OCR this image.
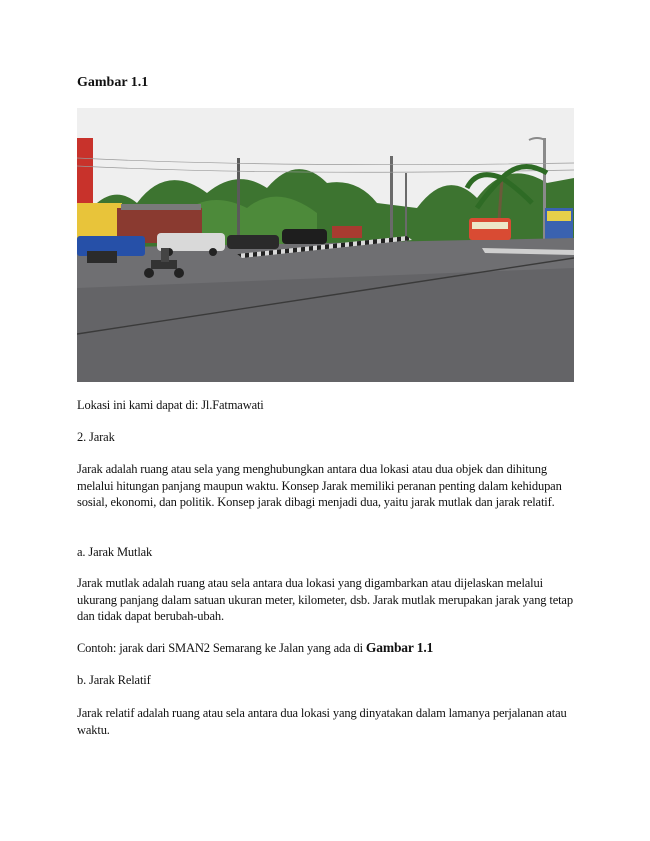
Gambar 1.1
Lokasi ini kami dapat di: Jl.Fatmawati
2. Jarak
Jarak adalah ruang atau sela yang menghubungkan antara dua lokasi atau dua objek dan dihitung melalui hitungan panjang maupun waktu. Konsep Jarak memiliki peranan penting dalam kehidupan sosial, ekonomi, dan politik. Konsep jarak dibagi menjadi dua, yaitu jarak mutlak dan jarak relatif.
a. Jarak Mutlak
Jarak mutlak adalah ruang atau sela antara dua lokasi yang digambarkan atau dijelaskan melalui ukurang panjang dalam satuan ukuran meter, kilometer, dsb. Jarak mutlak merupakan jarak yang tetap dan tidak dapat berubah-ubah.
Contoh: jarak dari SMAN2 Semarang ke Jalan yang ada di Gambar 1.1
b. Jarak Relatif
Jarak relatif adalah ruang atau sela antara dua lokasi yang dinyatakan dalam lamanya perjalanan atau waktu.
